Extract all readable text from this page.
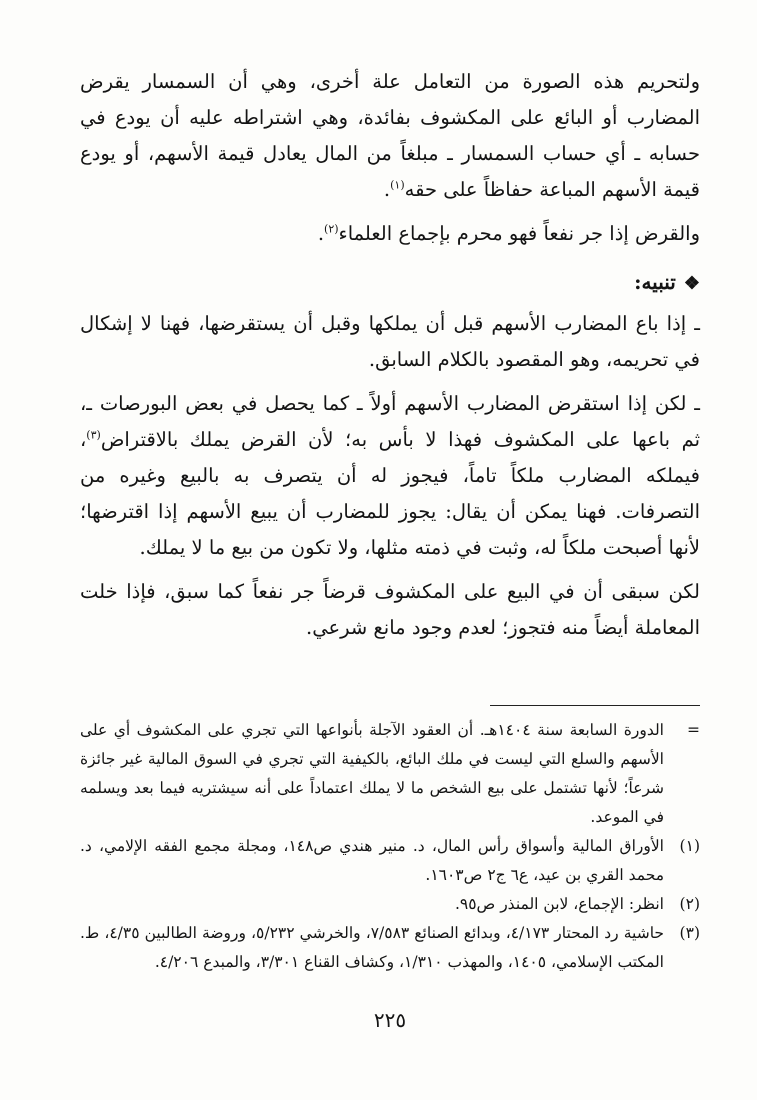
ولتحريم هذه الصورة من التعامل علة أخرى، وهي أن السمسار يقرض المضارب أو البائع على المكشوف بفائدة، وهي اشتراطه عليه أن يودع في حسابه ـ أي حساب السمسار ـ مبلغاً من المال يعادل قيمة الأسهم، أو يودع قيمة الأسهم المباعة حفاظاً على حقه$^{(١)}$.

والقرض إذا جر نفعاً فهو محرم بإجماع العلماء$^{(٢)}$.

❖تنبيه:

ـ إذا باع المضارب الأسهم قبل أن يملكها وقبل أن يستقرضها، فهنا لا إشكال في تحريمه، وهو المقصود بالكلام السابق.

ـ لكن إذا استقرض المضارب الأسهم أولاً ـ كما يحصل في بعض البورصات ـ، ثم باعها على المكشوف فهذا لا بأس به؛ لأن القرض يملك بالاقتراض$^{(٣)}$، فيملكه المضارب ملكاً تاماً، فيجوز له أن يتصرف به بالبيع وغيره من التصرفات. فهنا يمكن أن يقال: يجوز للمضارب أن يبيع الأسهم إذا اقترضها؛ لأنها أصبحت ملكاً له، وثبت في ذمته مثلها، ولا تكون من بيع ما لا يملك.

لكن سبقى أن في البيع على المكشوف قرضاً جر نفعاً كما سبق، فإذا خلت المعاملة أيضاً منه فتجوز؛ لعدم وجود مانع شرعي.

=
الدورة السابعة سنة ١٤٠٤هـ. أن العقود الآجلة بأنواعها التي تجري على المكشوف أي على الأسهم والسلع التي ليست في ملك البائع، بالكيفية التي تجري في السوق المالية غير جائزة شرعاً؛ لأنها تشتمل على بيع الشخص ما لا يملك اعتماداً على أنه سيشتريه فيما بعد ويسلمه في الموعد.
(١)
الأوراق المالية وأسواق رأس المال، د. منير هندي ص١٤٨، ومجلة مجمع الفقه الإلامي، د. محمد القري بن عيد، ع٦ ج٢ ص١٦٠٣.
(٢)
انظر: الإجماع، لابن المنذر ص٩٥.
(٣)
حاشية رد المحتار ٤/١٧٣، وبدائع الصنائع ٧/٥٨٣، والخرشي ٥/٢٣٢، وروضة الطالبين ٤/٣٥، ط. المكتب الإسلامي، ١٤٠٥، والمهذب ١/٣١٠، وكشاف القناع ٣/٣٠١، والمبدع ٤/٢٠٦.
٢٢٥
